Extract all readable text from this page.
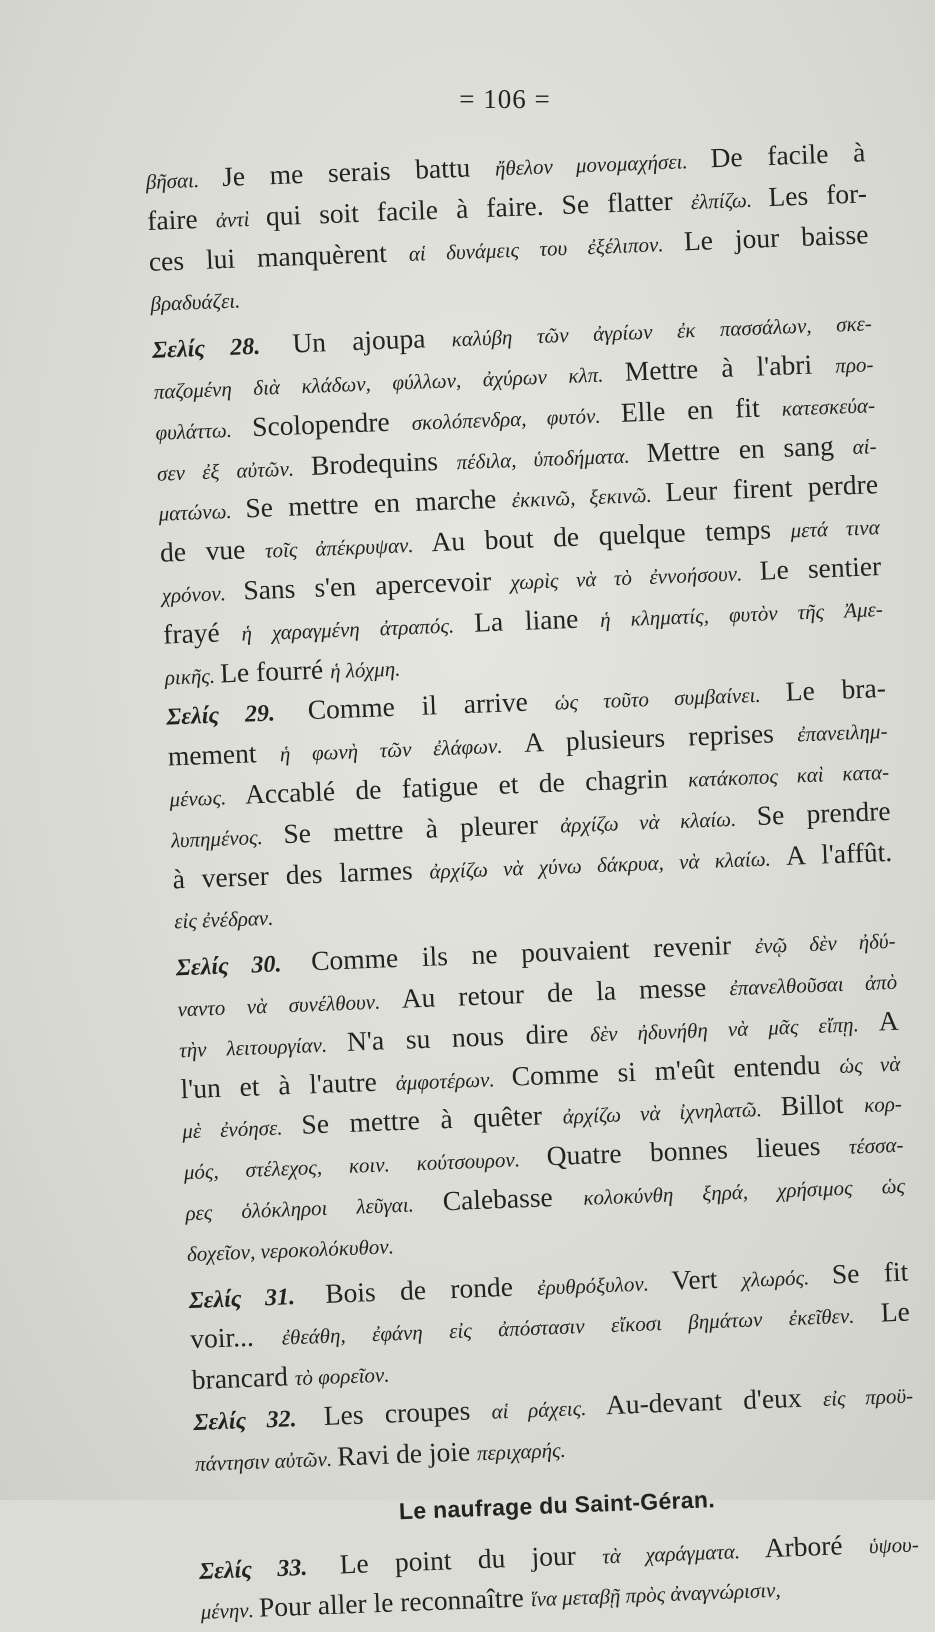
= 106 =

βῆσαι. Je me serais battu ἤθελον μονομαχήσει. De facile à

faire ἀντὶ qui soit facile à faire. Se flatter ἐλπίζω. Les for-

ces lui manquèrent αἱ δυνάμεις του ἐξέλιπον. Le jour baisse

βραδυάζει.

Σελίς 28. Un ajoupa καλύβη τῶν ἀγρίων ἐκ πασσάλων, σκε-

παζομένη διὰ κλάδων, φύλλων, ἀχύρων κλπ. Mettre à l'abri προ-

φυλάττω. Scolopendre σκολόπενδρα, φυτόν. Elle en fit κατεσκεύα-

σεν ἐξ αὐτῶν. Brodequins πέδιλα, ὑποδήματα. Mettre en sang αἱ-

ματώνω. Se mettre en marche ἐκκινῶ, ξεκινῶ. Leur firent perdre

de vue τοῖς ἀπέκρυψαν. Au bout de quelque temps μετά τινα

χρόνον. Sans s'en apercevoir χωρὶς νὰ τὸ ἐννοήσουν. Le sentier

frayé ἡ χαραγμένη ἀτραπός. La liane ἡ κληματίς, φυτὸν τῆς Ἀμε-

ρικῆς. Le fourré ἡ λόχμη.

Σελίς 29. Comme il arrive ὡς τοῦτο συμβαίνει. Le bra-

mement ἡ φωνὴ τῶν ἐλάφων. A plusieurs reprises ἐπανειλημ-

μένως. Accablé de fatigue et de chagrin κατάκοπος καὶ κατα-

λυπημένος. Se mettre à pleurer ἀρχίζω νὰ κλαίω. Se prendre

à verser des larmes ἀρχίζω νὰ χύνω δάκρυα, νὰ κλαίω. A l'affût.

εἰς ἐνέδραν.

Σελίς 30. Comme ils ne pouvaient revenir ἐνῷ δὲν ἠδύ-

ναντο νὰ συνέλθουν. Au retour de la messe ἐπανελθοῦσαι ἀπὸ

τὴν λειτουργίαν. N'a su nous dire δὲν ἠδυνήθη νὰ μᾶς εἴπῃ. A

l'un et à l'autre ἀμφοτέρων. Comme si m'eût entendu ὡς νὰ

μὲ ἐνόησε. Se mettre à quêter ἀρχίζω νὰ ἰχνηλατῶ. Billot κορ-

μός, στέλεχος, κοιν. κούτσουρον. Quatre bonnes lieues τέσσα-

ρες ὁλόκληροι λεῦγαι. Calebasse κολοκύνθη ξηρά, χρήσιμος ὡς

δοχεῖον, νεροκολόκυθον.

Σελίς 31. Bois de ronde ἐρυθρόξυλον. Vert χλωρός. Se fit

voir... ἐθεάθη, ἐφάνη εἰς ἀπόστασιν εἴκοσι βημάτων ἐκεῖθεν. Le

brancard τὸ φορεῖον.

Σελίς 32. Les croupes αἱ ράχεις. Au-devant d'eux εἰς προϋ-

πάντησιν αὐτῶν. Ravi de joie περιχαρής.

Le naufrage du Saint-Géran.

Σελίς 33. Le point du jour τὰ χαράγματα. Arboré ὑψου-

μένην. Pour aller le reconnaître ἵνα μεταβῇ πρὸς ἀναγνώρισιν,
